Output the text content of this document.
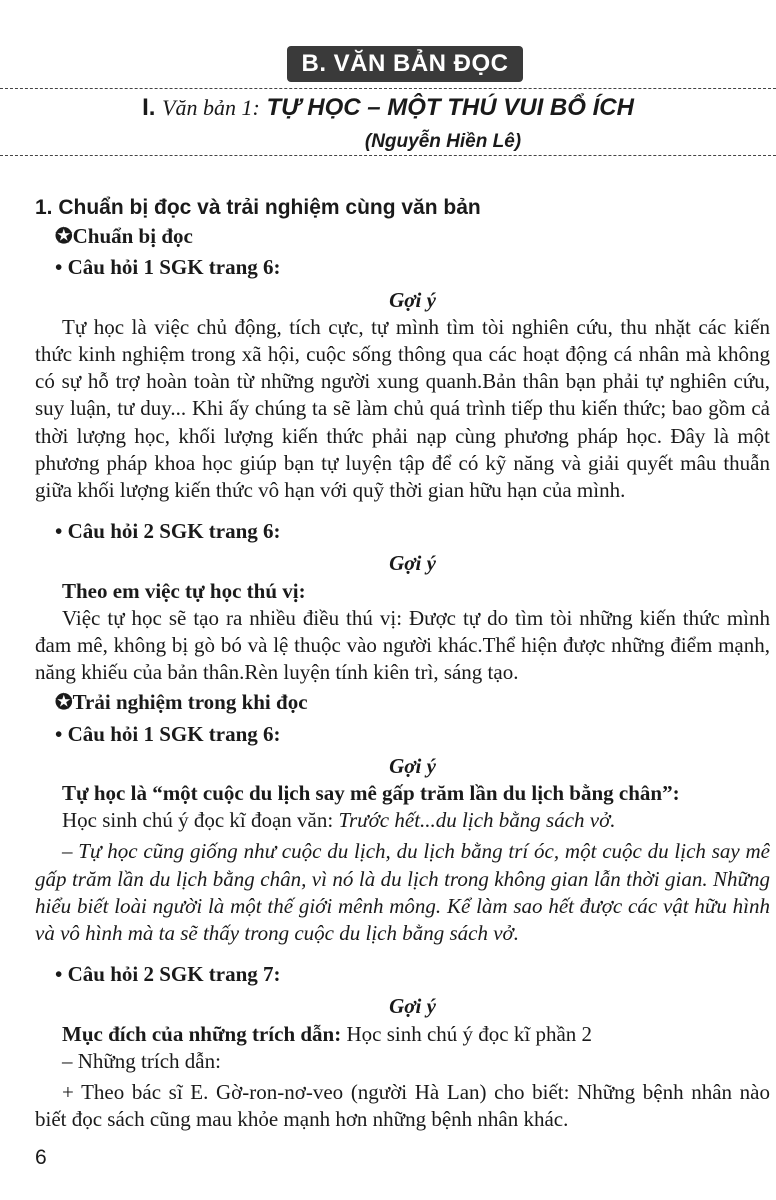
B. VĂN BẢN ĐỌC
I. Văn bản 1: TỰ HỌC – MỘT THÚ VUI BỔ ÍCH
(Nguyễn Hiền Lê)
1. Chuẩn bị đọc và trải nghiệm cùng văn bản
✪Chuẩn bị đọc
• Câu hỏi 1 SGK trang 6:
Gợi ý

Tự học là việc chủ động, tích cực, tự mình tìm tòi nghiên cứu, thu nhặt các kiến thức kinh nghiệm trong xã hội, cuộc sống thông qua các hoạt động cá nhân mà không có sự hỗ trợ hoàn toàn từ những người xung quanh.Bản thân bạn phải tự nghiên cứu, suy luận, tư duy... Khi ấy chúng ta sẽ làm chủ quá trình tiếp thu kiến thức; bao gồm cả thời lượng học, khối lượng kiến thức phải nạp cùng phương pháp học. Đây là một phương pháp khoa học giúp bạn tự luyện tập để có kỹ năng và giải quyết mâu thuẫn giữa khối lượng kiến thức vô hạn với quỹ thời gian hữu hạn của mình.

• Câu hỏi 2 SGK trang 6:
Gợi ý

Theo em việc tự học thú vị:

Việc tự học sẽ tạo ra nhiều điều thú vị: Được tự do tìm tòi những kiến thức mình đam mê, không bị gò bó và lệ thuộc vào người khác.Thể hiện được những điểm mạnh, năng khiếu của bản thân.Rèn luyện tính kiên trì, sáng tạo.

✪Trải nghiệm trong khi đọc
• Câu hỏi 1 SGK trang 6:
Gợi ý

Tự học là “một cuộc du lịch say mê gấp trăm lần du lịch bằng chân”:

Học sinh chú ý đọc kĩ đoạn văn: Trước hết...du lịch bằng sách vở.

– Tự học cũng giống như cuộc du lịch, du lịch bằng trí óc, một cuộc du lịch say mê gấp trăm lần du lịch bằng chân, vì nó là du lịch trong không gian lẫn thời gian. Những hiểu biết loài người là một thế giới mênh mông. Kể làm sao hết được các vật hữu hình và vô hình mà ta sẽ thấy trong cuộc du lịch bằng sách vở.

• Câu hỏi 2 SGK trang 7:
Gợi ý

Mục đích của những trích dẫn: Học sinh chú ý đọc kĩ phần 2

– Những trích dẫn:

+ Theo bác sĩ E. Gờ-ron-nơ-veo (người Hà Lan) cho biết: Những bệnh nhân nào biết đọc sách cũng mau khỏe mạnh hơn những bệnh nhân khác.

6
